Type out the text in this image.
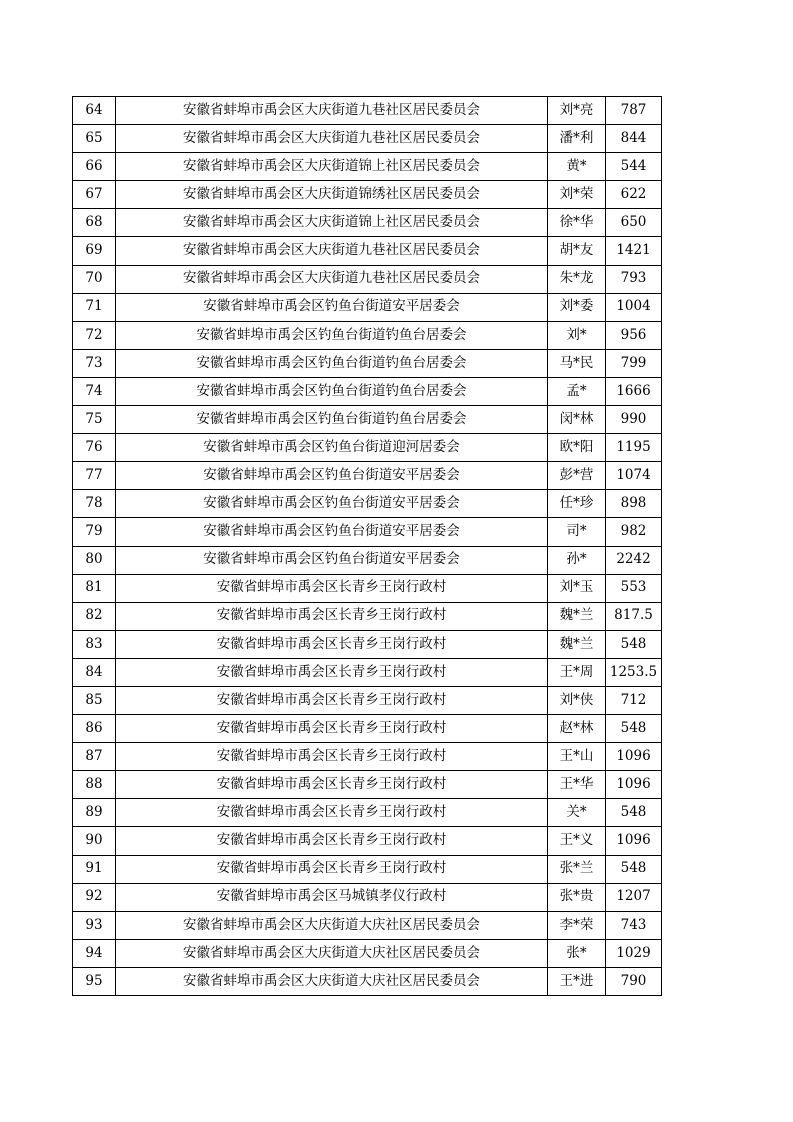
64	安徽省蚌埠市禹会区大庆街道九巷社区居民委员会	刘*亮	787
65	安徽省蚌埠市禹会区大庆街道九巷社区居民委员会	潘*利	844
66	安徽省蚌埠市禹会区大庆街道锦上社区居民委员会	黄*	544
67	安徽省蚌埠市禹会区大庆街道锦绣社区居民委员会	刘*荣	622
68	安徽省蚌埠市禹会区大庆街道锦上社区居民委员会	徐*华	650
69	安徽省蚌埠市禹会区大庆街道九巷社区居民委员会	胡*友	1421
70	安徽省蚌埠市禹会区大庆街道九巷社区居民委员会	朱*龙	793
71	安徽省蚌埠市禹会区钓鱼台街道安平居委会	刘*委	1004
72	安徽省蚌埠市禹会区钓鱼台街道钓鱼台居委会	刘*	956
73	安徽省蚌埠市禹会区钓鱼台街道钓鱼台居委会	马*民	799
74	安徽省蚌埠市禹会区钓鱼台街道钓鱼台居委会	孟*	1666
75	安徽省蚌埠市禹会区钓鱼台街道钓鱼台居委会	闵*林	990
76	安徽省蚌埠市禹会区钓鱼台街道迎河居委会	欧*阳	1195
77	安徽省蚌埠市禹会区钓鱼台街道安平居委会	彭*营	1074
78	安徽省蚌埠市禹会区钓鱼台街道安平居委会	任*珍	898
79	安徽省蚌埠市禹会区钓鱼台街道安平居委会	司*	982
80	安徽省蚌埠市禹会区钓鱼台街道安平居委会	孙*	2242
81	安徽省蚌埠市禹会区长青乡王岗行政村	刘*玉	553
82	安徽省蚌埠市禹会区长青乡王岗行政村	魏*兰	817.5
83	安徽省蚌埠市禹会区长青乡王岗行政村	魏*兰	548
84	安徽省蚌埠市禹会区长青乡王岗行政村	王*周	1253.5
85	安徽省蚌埠市禹会区长青乡王岗行政村	刘*侠	712
86	安徽省蚌埠市禹会区长青乡王岗行政村	赵*林	548
87	安徽省蚌埠市禹会区长青乡王岗行政村	王*山	1096
88	安徽省蚌埠市禹会区长青乡王岗行政村	王*华	1096
89	安徽省蚌埠市禹会区长青乡王岗行政村	关*	548
90	安徽省蚌埠市禹会区长青乡王岗行政村	王*义	1096
91	安徽省蚌埠市禹会区长青乡王岗行政村	张*兰	548
92	安徽省蚌埠市禹会区马城镇孝仪行政村	张*贵	1207
93	安徽省蚌埠市禹会区大庆街道大庆社区居民委员会	李*荣	743
94	安徽省蚌埠市禹会区大庆街道大庆社区居民委员会	张*	1029
95	安徽省蚌埠市禹会区大庆街道大庆社区居民委员会	王*进	790
